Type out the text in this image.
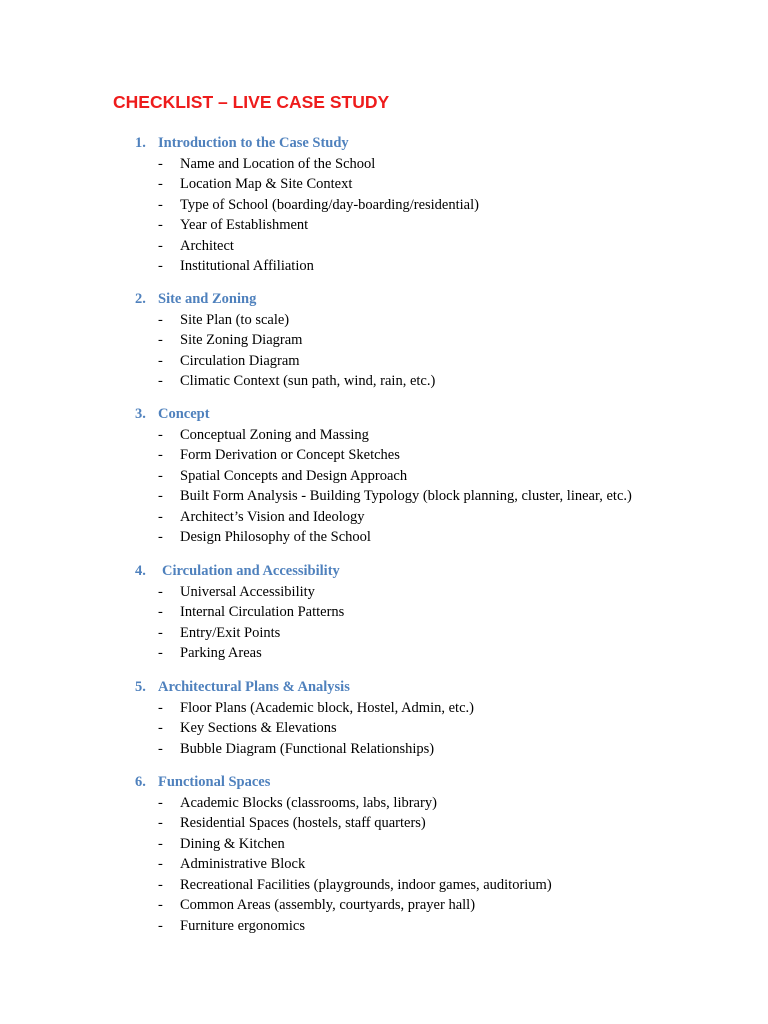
CHECKLIST – LIVE CASE STUDY
1. Introduction to the Case Study
- Name and Location of the School
- Location Map & Site Context
- Type of School (boarding/day-boarding/residential)
- Year of Establishment
- Architect
- Institutional Affiliation
2. Site and Zoning
- Site Plan (to scale)
- Site Zoning Diagram
- Circulation Diagram
- Climatic Context (sun path, wind, rain, etc.)
3. Concept
- Conceptual Zoning and Massing
- Form Derivation or Concept Sketches
- Spatial Concepts and Design Approach
- Built Form Analysis - Building Typology (block planning, cluster, linear, etc.)
- Architect’s Vision and Ideology
- Design Philosophy of the School
4. Circulation and Accessibility
- Universal Accessibility
- Internal Circulation Patterns
- Entry/Exit Points
- Parking Areas
5. Architectural Plans & Analysis
- Floor Plans (Academic block, Hostel, Admin, etc.)
- Key Sections & Elevations
- Bubble Diagram (Functional Relationships)
6. Functional Spaces
- Academic Blocks (classrooms, labs, library)
- Residential Spaces (hostels, staff quarters)
- Dining & Kitchen
- Administrative Block
- Recreational Facilities (playgrounds, indoor games, auditorium)
- Common Areas (assembly, courtyards, prayer hall)
- Furniture ergonomics
